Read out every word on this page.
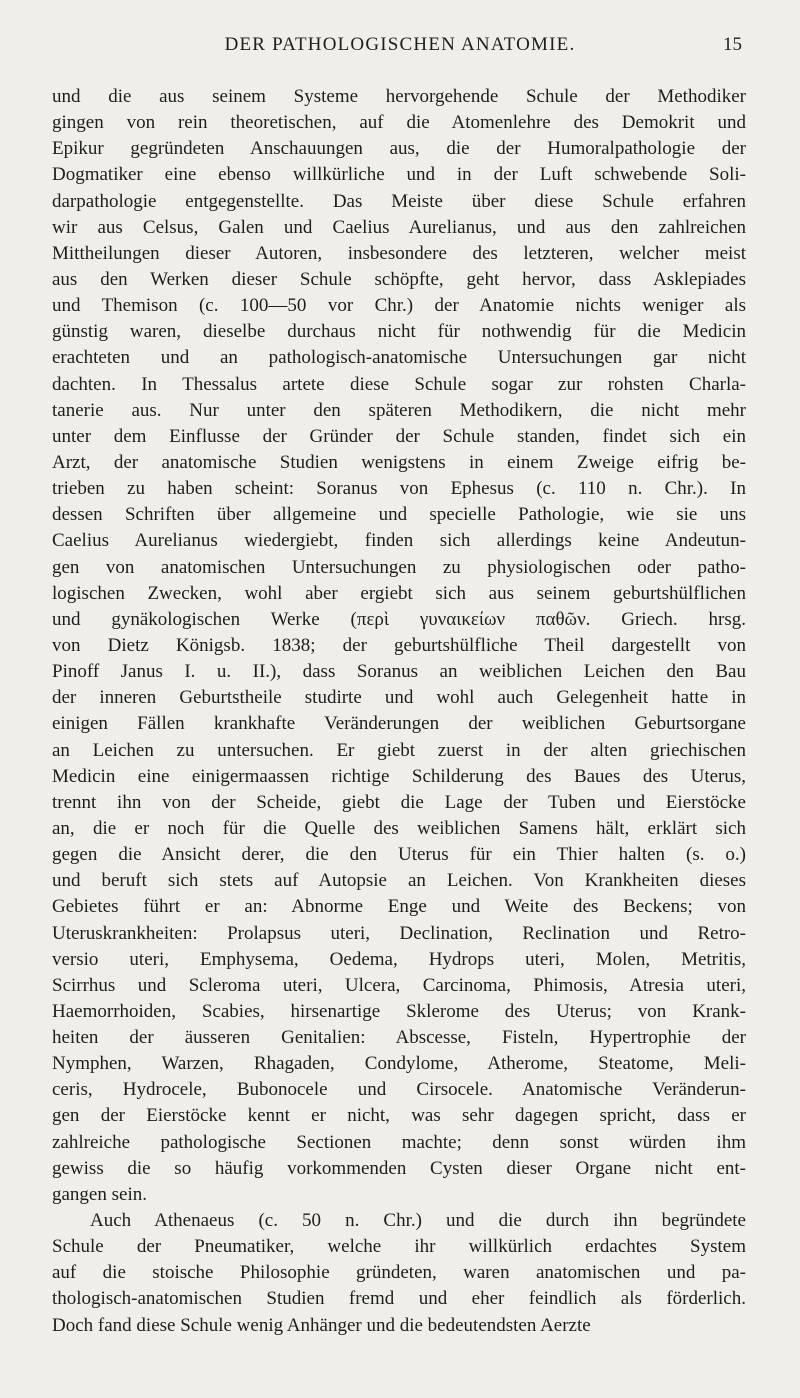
DER PATHOLOGISCHEN ANATOMIE.	15
und die aus seinem Systeme hervorgehende Schule der Methodiker
gingen von rein theoretischen, auf die Atomenlehre des Demokrit und
Epikur gegründeten Anschauungen aus, die der Humoralpathologie der
Dogmatiker eine ebenso willkürliche und in der Luft schwebende Soli-
darpathologie entgegenstellte. Das Meiste über diese Schule erfahren
wir aus Celsus, Galen und Caelius Aurelianus, und aus den zahlreichen
Mittheilungen dieser Autoren, insbesondere des letzteren, welcher meist
aus den Werken dieser Schule schöpfte, geht hervor, dass Asklepiades
und Themison (c. 100—50 vor Chr.) der Anatomie nichts weniger als
günstig waren, dieselbe durchaus nicht für nothwendig für die Medicin
erachteten und an pathologisch-anatomische Untersuchungen gar nicht
dachten. In Thessalus artete diese Schule sogar zur rohsten Charla-
tanerie aus. Nur unter den späteren Methodikern, die nicht mehr
unter dem Einflusse der Gründer der Schule standen, findet sich ein
Arzt, der anatomische Studien wenigstens in einem Zweige eifrig be-
trieben zu haben scheint: Soranus von Ephesus (c. 110 n. Chr.). In
dessen Schriften über allgemeine und specielle Pathologie, wie sie uns
Caelius Aurelianus wiedergiebt, finden sich allerdings keine Andeutun-
gen von anatomischen Untersuchungen zu physiologischen oder patho-
logischen Zwecken, wohl aber ergiebt sich aus seinem geburtshülflichen
und gynäkologischen Werke (περὶ γυναικείων παθῶν. Griech. hrsg.
von Dietz Königsb. 1838; der geburtshülfliche Theil dargestellt von
Pinoff Janus I. u. II.), dass Soranus an weiblichen Leichen den Bau
der inneren Geburtstheile studirte und wohl auch Gelegenheit hatte in
einigen Fällen krankhafte Veränderungen der weiblichen Geburtsorgane
an Leichen zu untersuchen. Er giebt zuerst in der alten griechischen
Medicin eine einigermaassen richtige Schilderung des Baues des Uterus,
trennt ihn von der Scheide, giebt die Lage der Tuben und Eierstöcke
an, die er noch für die Quelle des weiblichen Samens hält, erklärt sich
gegen die Ansicht derer, die den Uterus für ein Thier halten (s. o.)
und beruft sich stets auf Autopsie an Leichen. Von Krankheiten dieses
Gebietes führt er an: Abnorme Enge und Weite des Beckens; von
Uteruskrankheiten: Prolapsus uteri, Declination, Reclination und Retro-
versio uteri, Emphysema, Oedema, Hydrops uteri, Molen, Metritis,
Scirrhus und Scleroma uteri, Ulcera, Carcinoma, Phimosis, Atresia uteri,
Haemorrhoiden, Scabies, hirsenartige Sklerome des Uterus; von Krank-
heiten der äusseren Genitalien: Abscesse, Fisteln, Hypertrophie der
Nymphen, Warzen, Rhagaden, Condylome, Atherome, Steatome, Meli-
ceris, Hydrocele, Bubonocele und Cirsocele. Anatomische Veränderun-
gen der Eierstöcke kennt er nicht, was sehr dagegen spricht, dass er
zahlreiche pathologische Sectionen machte; denn sonst würden ihm
gewiss die so häufig vorkommenden Cysten dieser Organe nicht ent-
gangen sein.
Auch Athenaeus (c. 50 n. Chr.) und die durch ihn begründete
Schule der Pneumatiker, welche ihr willkürlich erdachtes System
auf die stoische Philosophie gründeten, waren anatomischen und pa-
thologisch-anatomischen Studien fremd und eher feindlich als förderlich.
Doch fand diese Schule wenig Anhänger und die bedeutendsten Aerzte
